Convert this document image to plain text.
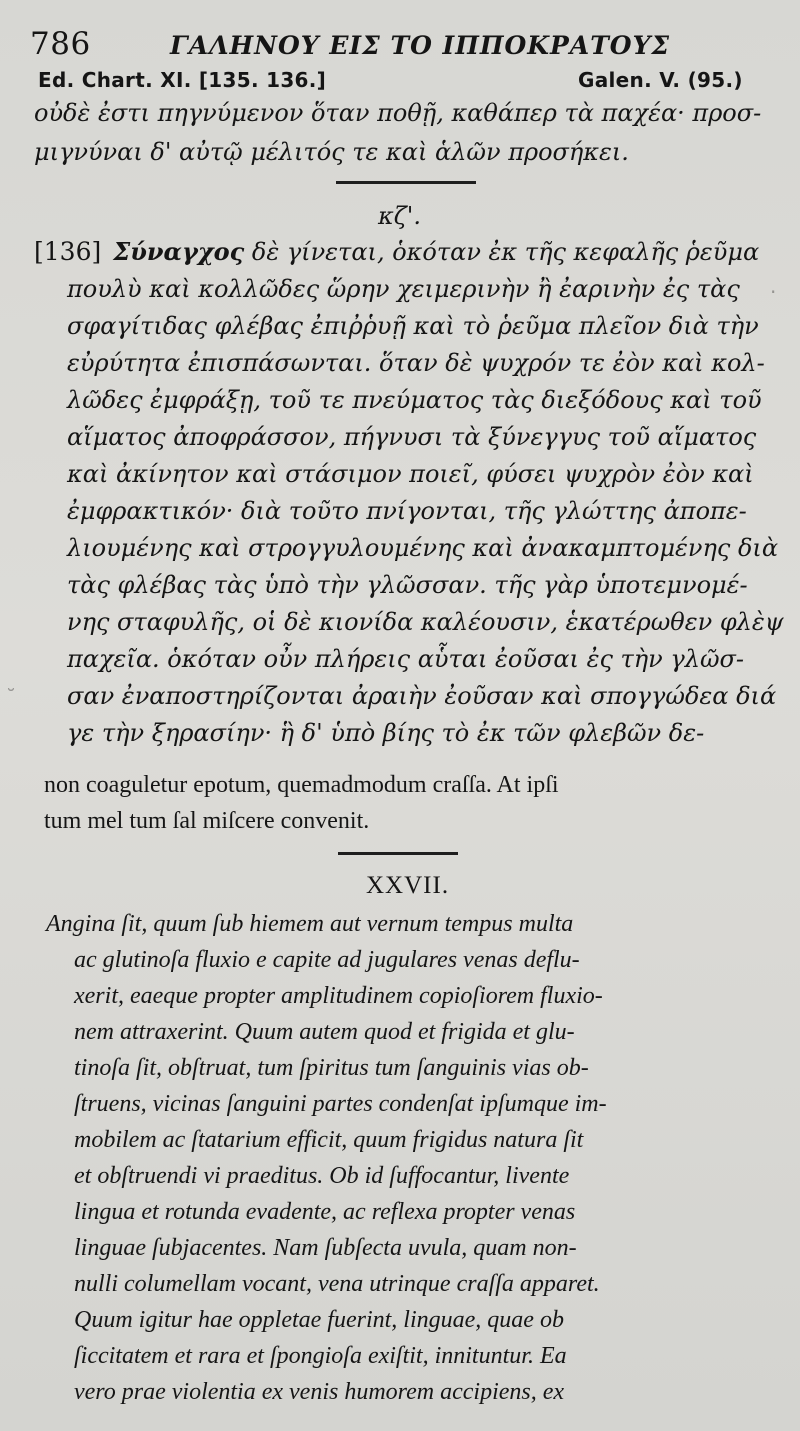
786	ΓΑΛΗΝΟΥ ΕΙΣ ΤΟ ΙΠΠΟΚΡΑΤΟΥΣ
Ed. Chart. XI. [135. 136.]	Galen. V. (95.)
οὐδὲ ἐστι πηγνύμενον ὅταν ποθῇ, καθάπερ τὰ παχέα· προσ-
μιγνύναι δ' αὐτῷ μέλιτός τε καὶ ἁλῶν προσήκει.
κζ'.
[136] Σύναγχος δὲ γίνεται, ὁκόταν ἐκ τῆς κεφαλῆς ῥεῦμα
πουλὺ καὶ κολλῶδες ὥρην χειμερινὴν ἢ ἐαρινὴν ἐς τὰς
σφαγίτιδας φλέβας ἐπιῤῥυῇ καὶ τὸ ῥεῦμα πλεῖον διὰ τὴν
εὐρύτητα ἐπισπάσωνται. ὅταν δὲ ψυχρόν τε ἐὸν καὶ κολ-
λῶδες ἐμφράξῃ, τοῦ τε πνεύματος τὰς διεξόδους καὶ τοῦ
αἵματος ἀποφράσσον, πήγνυσι τὰ ξύνεγγυς τοῦ αἵματος
καὶ ἀκίνητον καὶ στάσιμον ποιεῖ, φύσει ψυχρὸν ἐὸν καὶ
ἐμφρακτικόν· διὰ τοῦτο πνίγονται, τῆς γλώττης ἀποπε-
λιουμένης καὶ στρογγυλουμένης καὶ ἀνακαμπτομένης διὰ
τὰς φλέβας τὰς ὑπὸ τὴν γλῶσσαν. τῆς γὰρ ὑποτεμνομέ-
νης σταφυλῆς, οἱ δὲ κιονίδα καλέουσιν, ἑκατέρωθεν φλὲψ
παχεῖα. ὁκόταν οὖν πλήρεις αὗται ἐοῦσαι ἐς τὴν γλῶσ-
σαν ἐναποστηρίζονται ἀραιὴν ἐοῦσαν καὶ σπογγώδεα διά
γε τὴν ξηρασίην· ἣ δ' ὑπὸ βίης τὸ ἐκ τῶν φλεβῶν δε-
non coaguletur epotum, quemadmodum craſſa. At ipſi
tum mel tum ſal miſcere convenit.
XXVII.
Angina ſit, quum ſub hiemem aut vernum tempus multa
ac glutinoſa fluxio e capite ad jugulares venas deflu-
xerit, eaeque propter amplitudinem copioſiorem fluxio-
nem attraxerint. Quum autem quod et frigida et glu-
tinoſa ſit, obſtruat, tum ſpiritus tum ſanguinis vias ob-
ſtruens, vicinas ſanguini partes condenſat ipſumque im-
mobilem ac ſtatarium efficit, quum frigidus natura ſit
et obſtruendi vi praeditus. Ob id ſuffocantur, livente
lingua et rotunda evadente, ac reflexa propter venas
linguae ſubjacentes. Nam ſubſecta uvula, quam non-
nulli columellam vocant, vena utrinque craſſa apparet.
Quum igitur hae oppletae fuerint, linguae, quae ob
ſiccitatem et rara et ſpongioſa exiſtit, innituntur. Ea
vero prae violentia ex venis humorem accipiens, ex
˘
·
